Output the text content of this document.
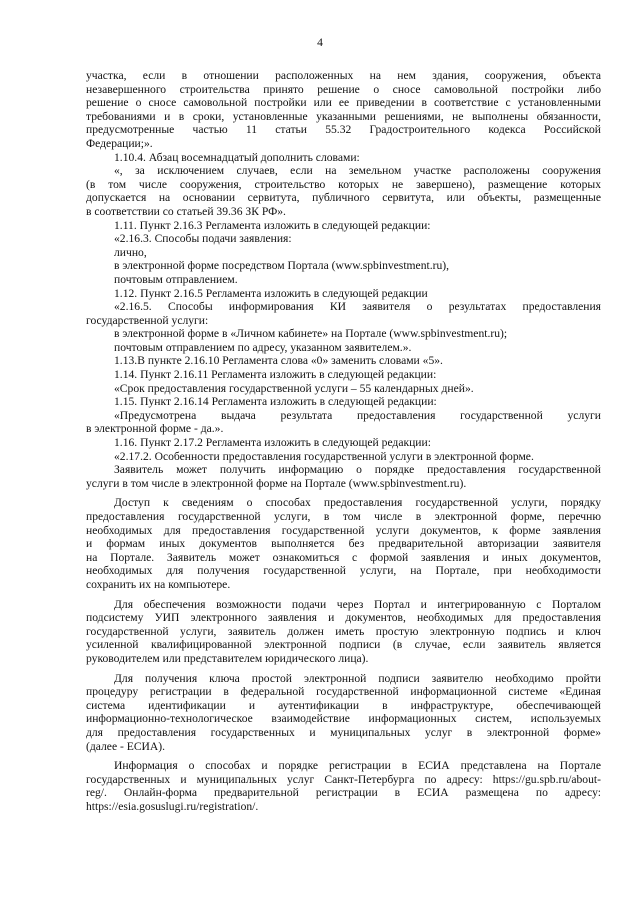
4
участка, если в отношении расположенных на нем здания, сооружения, объекта
незавершенного строительства принято решение о сносе самовольной постройки либо
решение о сносе самовольной постройки или ее приведении в соответствие с установленными
требованиями и в сроки, установленные указанными решениями, не выполнены обязанности,
предусмотренные частью 11 статьи 55.32 Градостроительного кодекса Российской
Федерации;».
1.10.4. Абзац восемнадцатый дополнить словами:
«, за исключением случаев, если на земельном участке расположены сооружения
(в том числе сооружения, строительство которых не завершено), размещение которых
допускается на основании сервитута, публичного сервитута, или объекты, размещенные
в соответствии со статьей 39.36 ЗК РФ».
1.11. Пункт 2.16.3 Регламента изложить в следующей редакции:
«2.16.3. Способы подачи заявления:
лично,
в электронной форме посредством Портала (www.spbinvestment.ru),
почтовым отправлением.
1.12. Пункт 2.16.5 Регламента изложить в следующей редакции
«2.16.5. Способы информирования КИ заявителя о результатах предоставления
государственной услуги:
в электронной форме в «Личном кабинете» на Портале (www.spbinvestment.ru);
почтовым отправлением по адресу, указанном заявителем.».
1.13.В пункте 2.16.10 Регламента слова «0» заменить словами «5».
1.14. Пункт 2.16.11 Регламента изложить в следующей редакции:
«Срок предоставления государственной услуги – 55 календарных дней».
1.15. Пункт 2.16.14 Регламента изложить в следующей редакции:
«Предусмотрена выдача результата предоставления государственной услуги
в электронной форме - да.».
1.16. Пункт 2.17.2 Регламента изложить в следующей редакции:
«2.17.2. Особенности предоставления государственной услуги в электронной форме.
Заявитель может получить информацию о порядке предоставления государственной
услуги в том числе в электронной форме на Портале (www.spbinvestment.ru).
Доступ к сведениям о способах предоставления государственной услуги, порядку
предоставления государственной услуги, в том числе в электронной форме, перечню
необходимых для предоставления государственной услуги документов, к форме заявления
и формам иных документов выполняется без предварительной авторизации заявителя
на Портале. Заявитель может ознакомиться с формой заявления и иных документов,
необходимых для получения государственной услуги, на Портале, при необходимости
сохранить их на компьютере.
Для обеспечения возможности подачи через Портал и интегрированную с Порталом
подсистему УИП электронного заявления и документов, необходимых для предоставления
государственной услуги, заявитель должен иметь простую электронную подпись и ключ
усиленной квалифицированной электронной подписи (в случае, если заявитель является
руководителем или представителем юридического лица).
Для получения ключа простой электронной подписи заявителю необходимо пройти
процедуру регистрации в федеральной государственной информационной системе «Единая
система идентификации и аутентификации в инфраструктуре, обеспечивающей
информационно-технологическое взаимодействие информационных систем, используемых
для предоставления государственных и муниципальных услуг в электронной форме»
(далее - ЕСИА).
Информация о способах и порядке регистрации в ЕСИА представлена на Портале
государственных и муниципальных услуг Санкт-Петербурга по адресу: https://gu.spb.ru/about-
reg/. Онлайн-форма предварительной регистрации в ЕСИА размещена по адресу:
https://esia.gosuslugi.ru/registration/.
